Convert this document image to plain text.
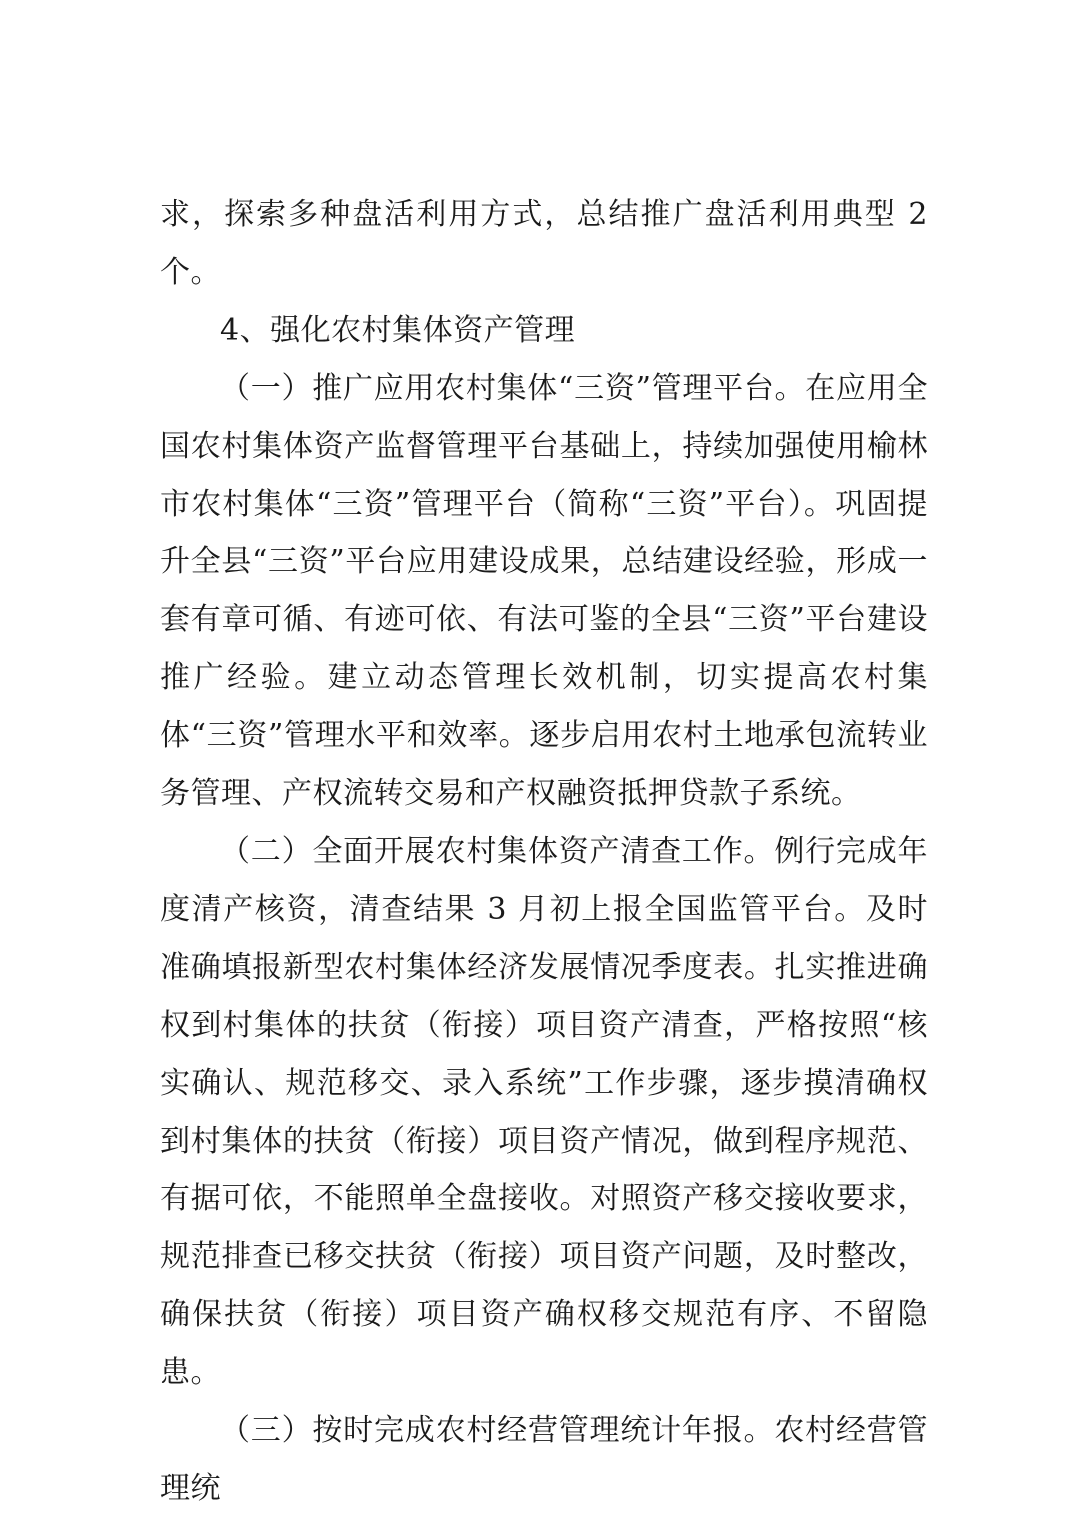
求，探索多种盘活利用方式，总结推广盘活利用典型 2 个。

4、强化农村集体资产管理

（一）推广应用农村集体“三资”管理平台。在应用全国农村集体资产监督管理平台基础上，持续加强使用榆林市农村集体“三资”管理平台（简称“三资”平台）。巩固提升全县“三资”平台应用建设成果，总结建设经验，形成一套有章可循、有迹可依、有法可鉴的全县“三资”平台建设推广经验。建立动态管理长效机制，切实提高农村集体“三资”管理水平和效率。逐步启用农村土地承包流转业务管理、产权流转交易和产权融资抵押贷款子系统。

（二）全面开展农村集体资产清查工作。例行完成年度清产核资，清查结果 3 月初上报全国监管平台。及时准确填报新型农村集体经济发展情况季度表。扎实推进确权到村集体的扶贫（衔接）项目资产清查，严格按照“核实确认、规范移交、录入系统”工作步骤，逐步摸清确权到村集体的扶贫（衔接）项目资产情况，做到程序规范、有据可依，不能照单全盘接收。对照资产移交接收要求，规范排查已移交扶贫（衔接）项目资产问题，及时整改，确保扶贫（衔接）项目资产确权移交规范有序、不留隐患。

（三）按时完成农村经营管理统计年报。农村经营管理统
